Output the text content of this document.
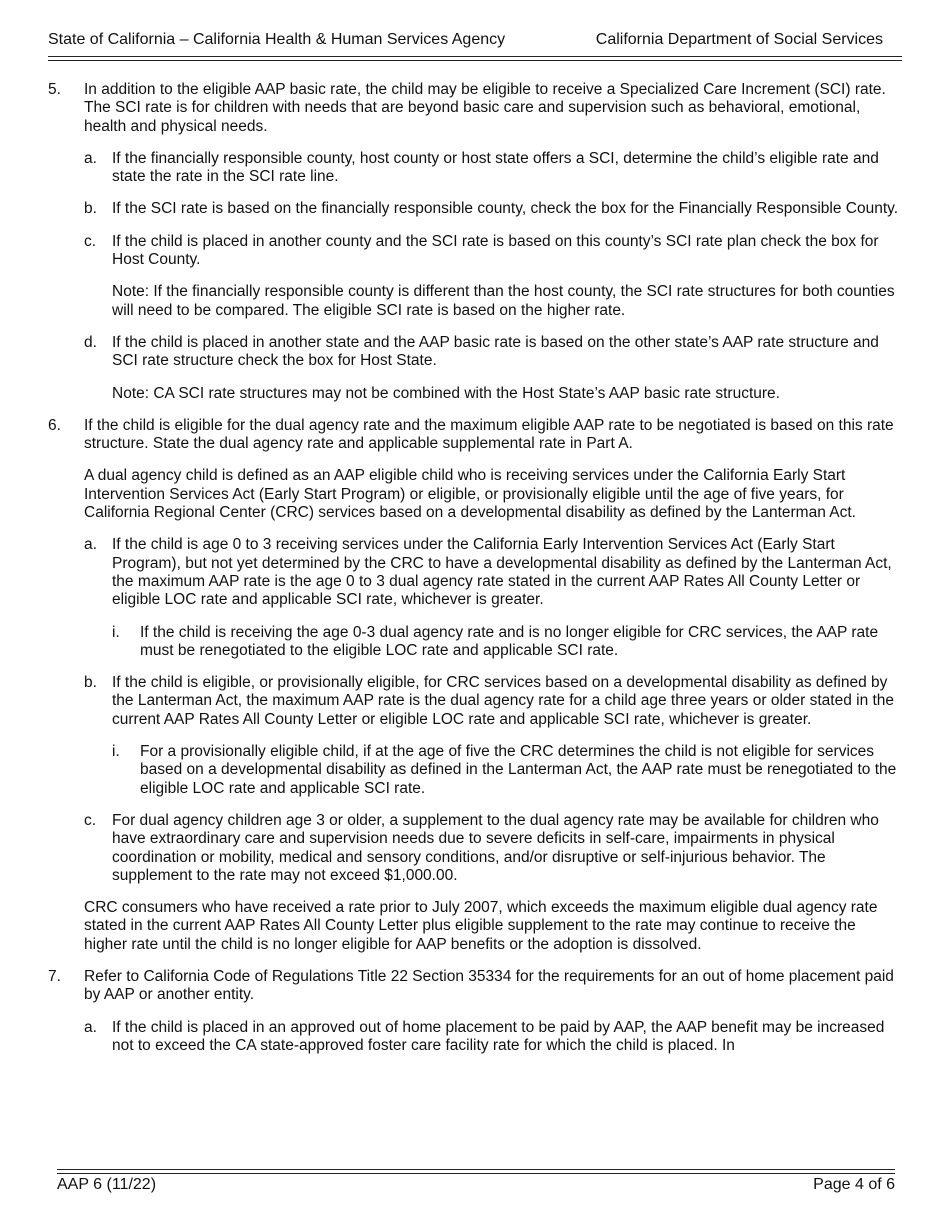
State of California – California Health & Human Services Agency	California Department of Social Services
5. In addition to the eligible AAP basic rate, the child may be eligible to receive a Specialized Care Increment (SCI) rate. The SCI rate is for children with needs that are beyond basic care and supervision such as behavioral, emotional, health and physical needs.

a. If the financially responsible county, host county or host state offers a SCI, determine the child’s eligible rate and state the rate in the SCI rate line.

b. If the SCI rate is based on the financially responsible county, check the box for the Financially Responsible County.

c. If the child is placed in another county and the SCI rate is based on this county’s SCI rate plan check the box for Host County.

Note: If the financially responsible county is different than the host county, the SCI rate structures for both counties will need to be compared. The eligible SCI rate is based on the higher rate.

d. If the child is placed in another state and the AAP basic rate is based on the other state’s AAP rate structure and SCI rate structure check the box for Host State.

Note: CA SCI rate structures may not be combined with the Host State’s AAP basic rate structure.

6. If the child is eligible for the dual agency rate and the maximum eligible AAP rate to be negotiated is based on this rate structure. State the dual agency rate and applicable supplemental rate in Part A.

A dual agency child is defined as an AAP eligible child who is receiving services under the California Early Start Intervention Services Act (Early Start Program) or eligible, or provisionally eligible until the age of five years, for California Regional Center (CRC) services based on a developmental disability as defined by the Lanterman Act.

a. If the child is age 0 to 3 receiving services under the California Early Intervention Services Act (Early Start Program), but not yet determined by the CRC to have a developmental disability as defined by the Lanterman Act, the maximum AAP rate is the age 0 to 3 dual agency rate stated in the current AAP Rates All County Letter or eligible LOC rate and applicable SCI rate, whichever is greater.

i. If the child is receiving the age 0-3 dual agency rate and is no longer eligible for CRC services, the AAP rate must be renegotiated to the eligible LOC rate and applicable SCI rate.

b. If the child is eligible, or provisionally eligible, for CRC services based on a developmental disability as defined by the Lanterman Act, the maximum AAP rate is the dual agency rate for a child age three years or older stated in the current AAP Rates All County Letter or eligible LOC rate and applicable SCI rate, whichever is greater.

i. For a provisionally eligible child, if at the age of five the CRC determines the child is not eligible for services based on a developmental disability as defined in the Lanterman Act, the AAP rate must be renegotiated to the eligible LOC rate and applicable SCI rate.

c. For dual agency children age 3 or older, a supplement to the dual agency rate may be available for children who have extraordinary care and supervision needs due to severe deficits in self-care, impairments in physical coordination or mobility, medical and sensory conditions, and/or disruptive or self-injurious behavior. The supplement to the rate may not exceed $1,000.00.

CRC consumers who have received a rate prior to July 2007, which exceeds the maximum eligible dual agency rate stated in the current AAP Rates All County Letter plus eligible supplement to the rate may continue to receive the higher rate until the child is no longer eligible for AAP benefits or the adoption is dissolved.

7. Refer to California Code of Regulations Title 22 Section 35334 for the requirements for an out of home placement paid by AAP or another entity.

a. If the child is placed in an approved out of home placement to be paid by AAP, the AAP benefit may be increased not to exceed the CA state-approved foster care facility rate for which the child is placed. In

AAP 6 (11/22)	Page 4 of 6
